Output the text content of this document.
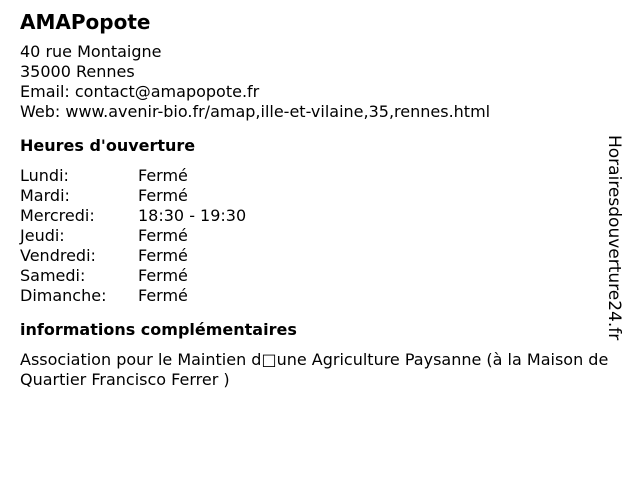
AMAPopote
40 rue Montaigne
35000 Rennes
Email: contact@amapopote.fr
Web: www.avenir-bio.fr/amap,ille-et-vilaine,35,rennes.html
Heures d'ouverture
Lundi:	Fermé
Mardi:	Fermé
Mercredi:	18:30 - 19:30
Jeudi:	Fermé
Vendredi:	Fermé
Samedi:	Fermé
Dimanche:	Fermé
informations complémentaires
Association pour le Maintien d□une Agriculture Paysanne (à la Maison de Quartier Francisco Ferrer )
Horairesdouverture24.fr
